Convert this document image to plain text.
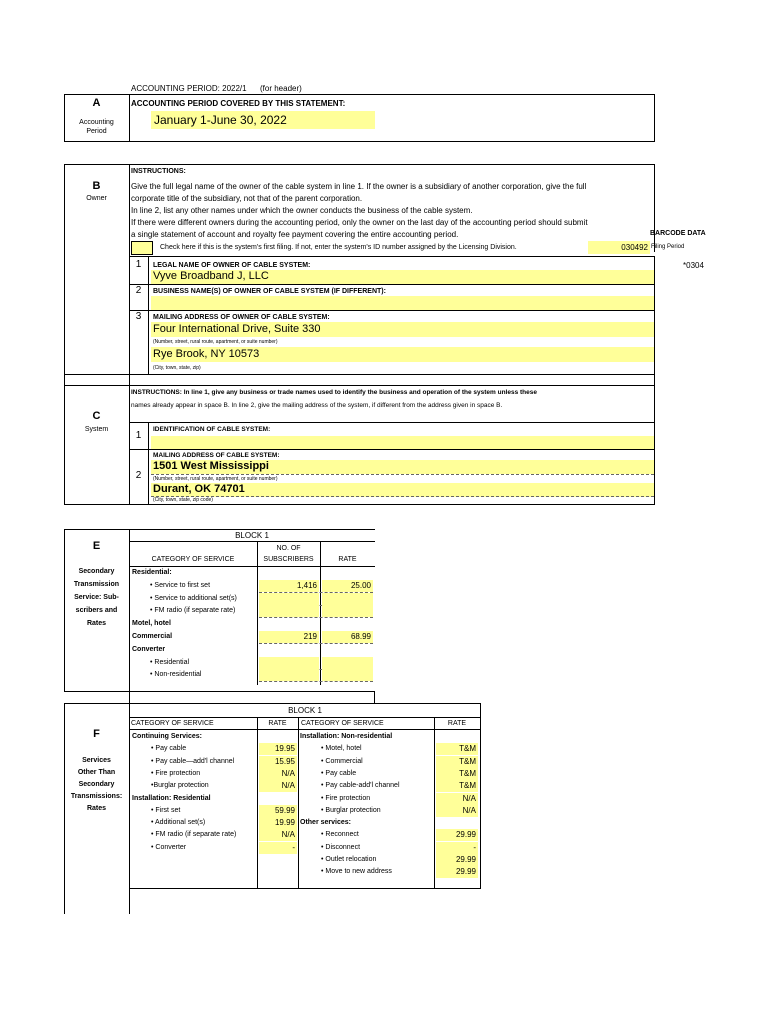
ACCOUNTING PERIOD: 2022/1 (for header)
A
Accounting
Period
ACCOUNTING PERIOD COVERED BY THIS STATEMENT:
January 1-June 30, 2022
INSTRUCTIONS:
B
Owner
Give the full legal name of the owner of the cable system in line 1. If the owner is a subsidiary of another corporation, give the full
corporate title of the subsidiary, not that of the parent corporation.
In line 2, list any other names under which the owner conducts the business of the cable system.
If there were different owners during the accounting period, only the owner on the last day of the accounting period should submit
a single statement of account and royalty fee payment covering the entire accounting period.	BARCODE DATA
Check here if this is the system's first filing. If not, enter the system's ID number assigned by the Licensing Division.	030492 Filing Period
*0304
1	LEGAL NAME OF OWNER OF CABLE SYSTEM:
Vyve Broadband J, LLC
2	BUSINESS NAME(S) OF OWNER OF CABLE SYSTEM (IF DIFFERENT):
3	MAILING ADDRESS OF OWNER OF CABLE SYSTEM:
Four International Drive, Suite 330
(Number, street, rural route, apartment, or suite number)
Rye Brook, NY 10573
(City, town, state, zip)
INSTRUCTIONS: In line 1, give any business or trade names used to identify the business and operation of the system unless these
names already appear in space B. In line 2, give the mailing address of the system, if different from the address given in space B.
C
System
1
IDENTIFICATION OF CABLE SYSTEM:
2
MAILING ADDRESS OF CABLE SYSTEM:
1501 West Mississippi
(Number, street, rural route, apartment, or suite number)
Durant, OK 74701
(City, town, state, zip code)
BLOCK 1
CATEGORY OF SERVICE
NO. OF
SUBSCRIBERS	RATE
E
Secondary
Transmission
Service: Sub-
scribers and
Rates
Residential:
• Service to first set	1,416	25.00
• Service to additional set(s)
• FM radio (if separate rate)
Motel, hotel
Commercial	219	68.99
Converter
• Residential
• Non-residential
BLOCK 1
CATEGORY OF SERVICE	RATE	CATEGORY OF SERVICE	RATE
F
Services
Other Than
Secondary
Transmissions:
Rates
Continuing Services:
• Pay cable	19.95
• Pay cable—add'l channel	15.95
• Fire protection	N/A
•Burglar protection	N/A
Installation: Residential
• First set	59.99
• Additional set(s)	19.99
• FM radio (if separate rate)	N/A
• Converter	-
Installation: Non-residential
• Motel, hotel	T&M
• Commercial	T&M
• Pay cable	T&M
• Pay cable-add'l channel	T&M
• Fire protection	N/A
• Burglar protection	N/A
Other services:
• Reconnect	29.99
• Disconnect	-
• Outlet relocation	29.99
• Move to new address	29.99
